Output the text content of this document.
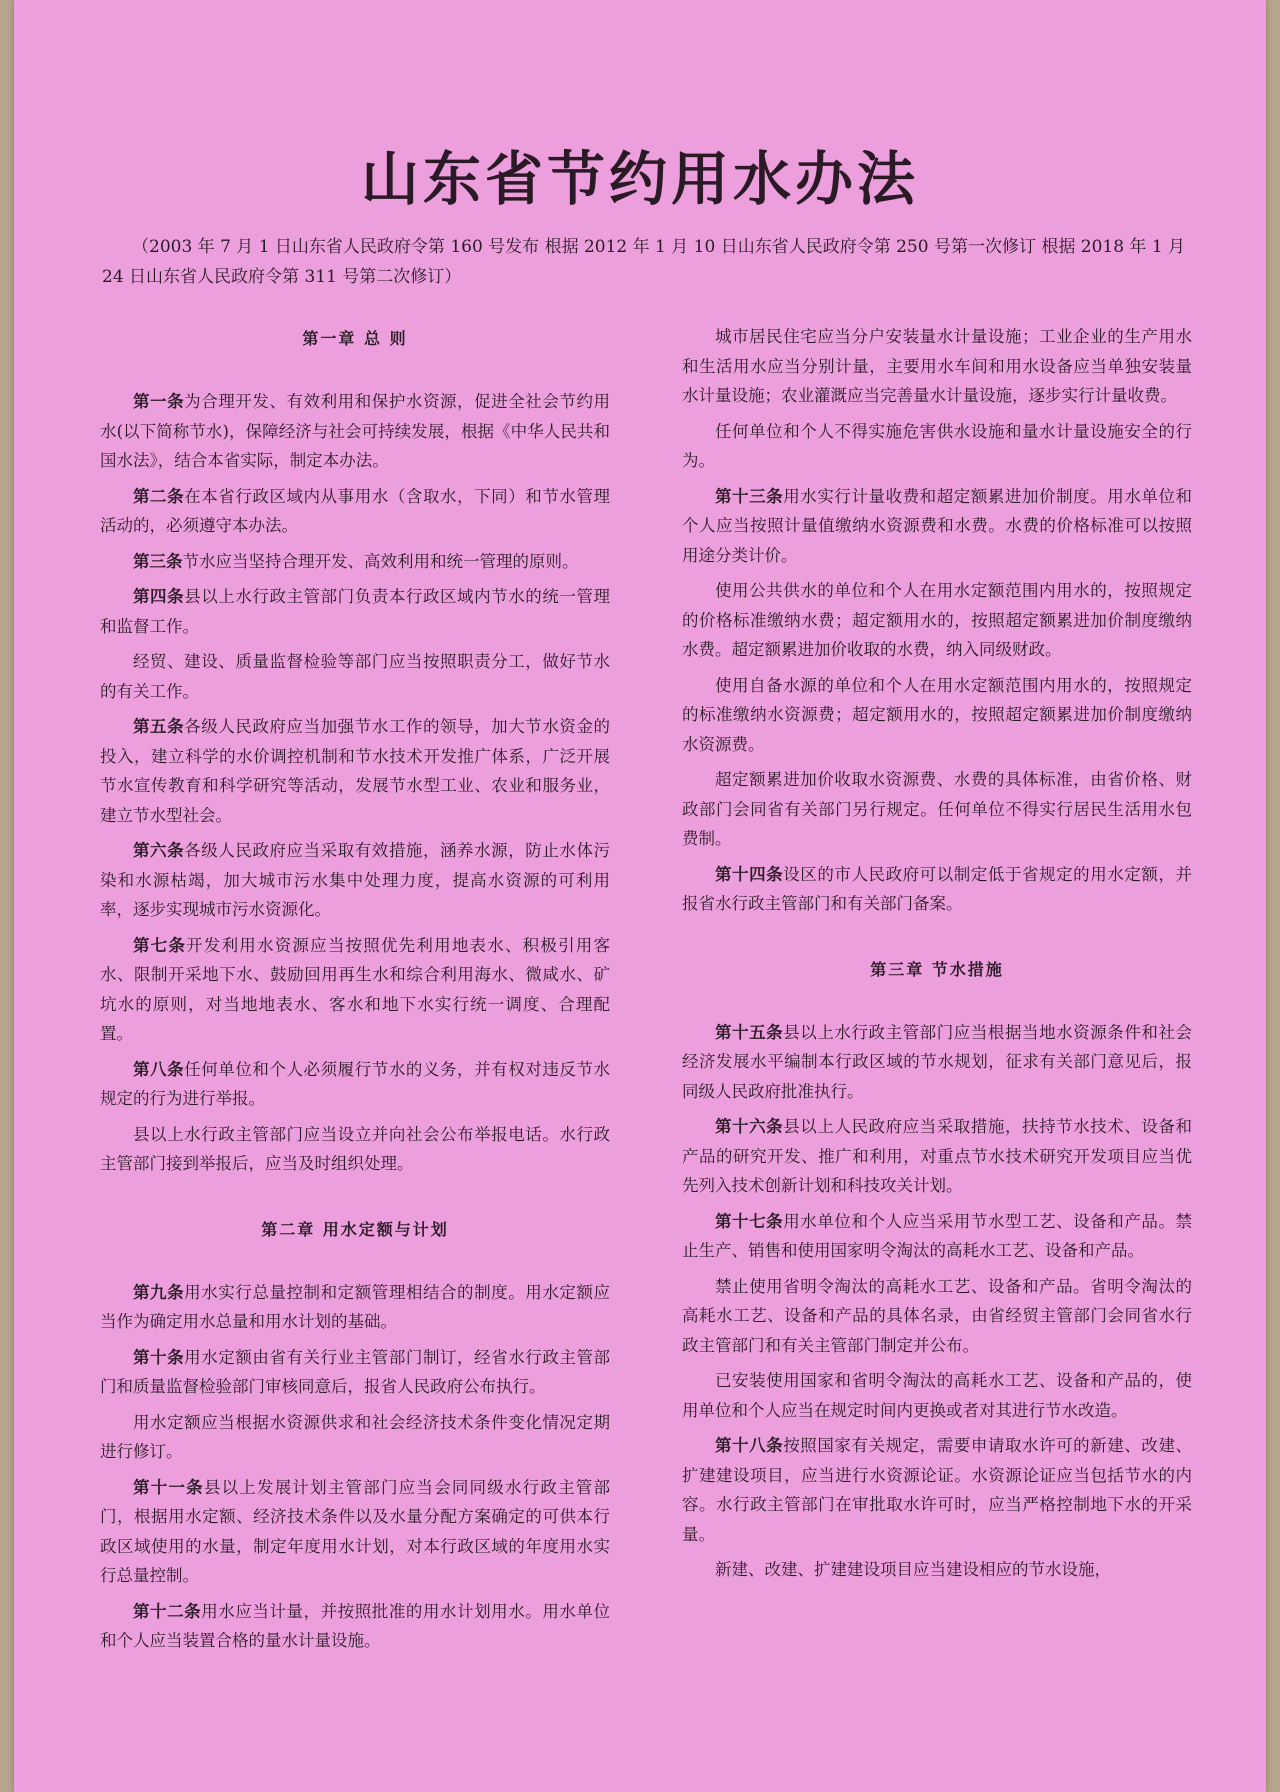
山东省节约用水办法
（2003 年 7 月 1 日山东省人民政府令第 160 号发布 根据 2012 年 1 月 10 日山东省人民政府令第 250 号第一次修订 根据 2018 年 1 月 24 日山东省人民政府令第 311 号第二次修订）
第一章 总 则

第一条为合理开发、有效利用和保护水资源，促进全社会节约用水(以下简称节水)，保障经济与社会可持续发展，根据《中华人民共和国水法》，结合本省实际，制定本办法。

第二条在本省行政区域内从事用水（含取水，下同）和节水管理活动的，必须遵守本办法。

第三条节水应当坚持合理开发、高效利用和统一管理的原则。

第四条县以上水行政主管部门负责本行政区域内节水的统一管理和监督工作。

经贸、建设、质量监督检验等部门应当按照职责分工，做好节水的有关工作。

第五条各级人民政府应当加强节水工作的领导，加大节水资金的投入，建立科学的水价调控机制和节水技术开发推广体系，广泛开展节水宣传教育和科学研究等活动，发展节水型工业、农业和服务业，建立节水型社会。

第六条各级人民政府应当采取有效措施，涵养水源，防止水体污染和水源枯竭，加大城市污水集中处理力度，提高水资源的可利用率，逐步实现城市污水资源化。

第七条开发利用水资源应当按照优先利用地表水、积极引用客水、限制开采地下水、鼓励回用再生水和综合利用海水、微咸水、矿坑水的原则，对当地地表水、客水和地下水实行统一调度、合理配置。

第八条任何单位和个人必须履行节水的义务，并有权对违反节水规定的行为进行举报。

县以上水行政主管部门应当设立并向社会公布举报电话。水行政主管部门接到举报后，应当及时组织处理。

第二章 用水定额与计划

第九条用水实行总量控制和定额管理相结合的制度。用水定额应当作为确定用水总量和用水计划的基础。

第十条用水定额由省有关行业主管部门制订，经省水行政主管部门和质量监督检验部门审核同意后，报省人民政府公布执行。

用水定额应当根据水资源供求和社会经济技术条件变化情况定期进行修订。

第十一条县以上发展计划主管部门应当会同同级水行政主管部门，根据用水定额、经济技术条件以及水量分配方案确定的可供本行政区域使用的水量，制定年度用水计划，对本行政区域的年度用水实行总量控制。

第十二条用水应当计量，并按照批准的用水计划用水。用水单位和个人应当装置合格的量水计量设施。

城市居民住宅应当分户安装量水计量设施；工业企业的生产用水和生活用水应当分别计量，主要用水车间和用水设备应当单独安装量水计量设施；农业灌溉应当完善量水计量设施，逐步实行计量收费。

任何单位和个人不得实施危害供水设施和量水计量设施安全的行为。

第十三条用水实行计量收费和超定额累进加价制度。用水单位和个人应当按照计量值缴纳水资源费和水费。水费的价格标准可以按照用途分类计价。

使用公共供水的单位和个人在用水定额范围内用水的，按照规定的价格标准缴纳水费；超定额用水的，按照超定额累进加价制度缴纳水费。超定额累进加价收取的水费，纳入同级财政。

使用自备水源的单位和个人在用水定额范围内用水的，按照规定的标准缴纳水资源费；超定额用水的，按照超定额累进加价制度缴纳水资源费。

超定额累进加价收取水资源费、水费的具体标准，由省价格、财政部门会同省有关部门另行规定。任何单位不得实行居民生活用水包费制。

第十四条设区的市人民政府可以制定低于省规定的用水定额，并报省水行政主管部门和有关部门备案。

第三章 节水措施

第十五条县以上水行政主管部门应当根据当地水资源条件和社会经济发展水平编制本行政区域的节水规划，征求有关部门意见后，报同级人民政府批准执行。

第十六条县以上人民政府应当采取措施，扶持节水技术、设备和产品的研究开发、推广和利用，对重点节水技术研究开发项目应当优先列入技术创新计划和科技攻关计划。

第十七条用水单位和个人应当采用节水型工艺、设备和产品。禁止生产、销售和使用国家明令淘汰的高耗水工艺、设备和产品。

禁止使用省明令淘汰的高耗水工艺、设备和产品。省明令淘汰的高耗水工艺、设备和产品的具体名录，由省经贸主管部门会同省水行政主管部门和有关主管部门制定并公布。

已安装使用国家和省明令淘汰的高耗水工艺、设备和产品的，使用单位和个人应当在规定时间内更换或者对其进行节水改造。

第十八条按照国家有关规定，需要申请取水许可的新建、改建、扩建建设项目，应当进行水资源论证。水资源论证应当包括节水的内容。水行政主管部门在审批取水许可时，应当严格控制地下水的开采量。

新建、改建、扩建建设项目应当建设相应的节水设施，
